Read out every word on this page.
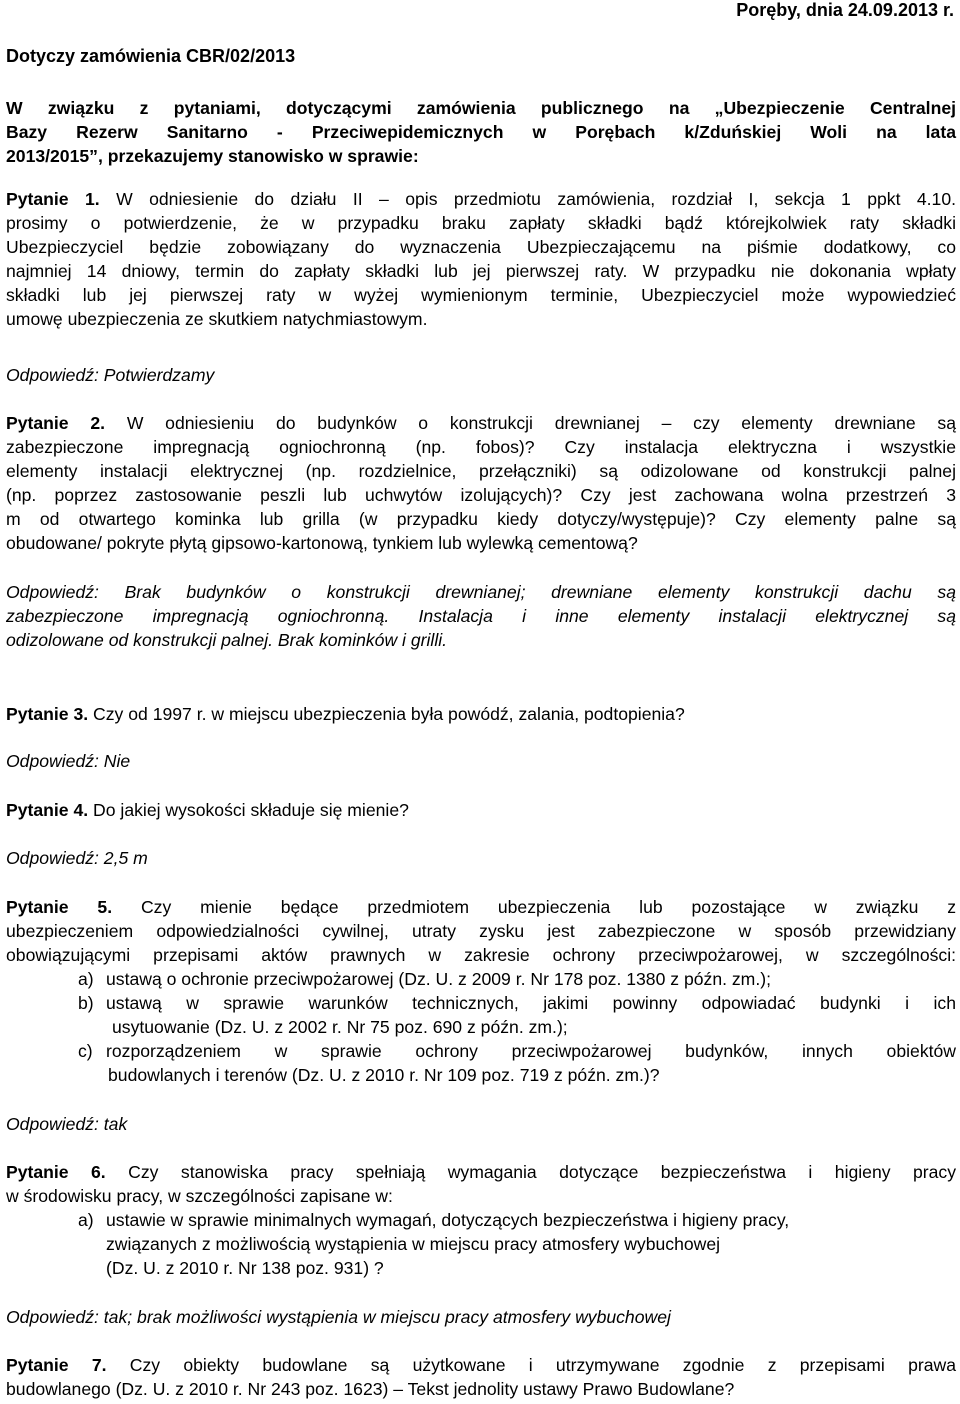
Poręby, dnia 24.09.2013 r.
Dotyczy zamówienia CBR/02/2013
W związku z pytaniami, dotyczącymi zamówienia publicznego na „Ubezpieczenie Centralnej
Bazy Rezerw Sanitarno - Przeciwepidemicznych w Porębach k/Zduńskiej Woli na lata
2013/2015”, przekazujemy stanowisko w sprawie:
Pytanie 1. W odniesienie do działu II – opis przedmiotu zamówienia, rozdział I, sekcja 1 ppkt 4.10.
prosimy o potwierdzenie, że w przypadku braku zapłaty składki bądź którejkolwiek raty składki
Ubezpieczyciel będzie zobowiązany do wyznaczenia Ubezpieczającemu na piśmie dodatkowy, co
najmniej 14 dniowy, termin do zapłaty składki lub jej pierwszej raty. W przypadku nie dokonania wpłaty
składki lub jej pierwszej raty w wyżej wymienionym terminie, Ubezpieczyciel może wypowiedzieć
umowę ubezpieczenia ze skutkiem natychmiastowym.
Odpowiedź: Potwierdzamy
Pytanie 2. W odniesieniu do budynków o konstrukcji drewnianej – czy elementy drewniane są
zabezpieczone impregnacją ogniochronną (np. fobos)? Czy instalacja elektryczna i wszystkie
elementy instalacji elektrycznej (np. rozdzielnice, przełączniki) są odizolowane od konstrukcji palnej
(np. poprzez zastosowanie peszli lub uchwytów izolujących)? Czy jest zachowana wolna przestrzeń 3
m od otwartego kominka lub grilla (w przypadku kiedy dotyczy/występuje)? Czy elementy palne są
obudowane/ pokryte płytą gipsowo-kartonową, tynkiem lub wylewką cementową?
Odpowiedź: Brak budynków o konstrukcji drewnianej; drewniane elementy konstrukcji dachu są
zabezpieczone impregnacją ogniochronną. Instalacja i inne elementy instalacji elektrycznej są
odizolowane od konstrukcji palnej. Brak kominków i grilli.
Pytanie 3. Czy od 1997 r. w miejscu ubezpieczenia była powódź, zalania, podtopienia?
Odpowiedź: Nie
Pytanie 4. Do jakiej wysokości składuje się mienie?
Odpowiedź: 2,5 m
Pytanie 5. Czy mienie będące przedmiotem ubezpieczenia lub pozostające w związku z
ubezpieczeniem odpowiedzialności cywilnej, utraty zysku jest zabezpieczone w sposób przewidziany
obowiązującymi przepisami aktów prawnych w zakresie ochrony przeciwpożarowej, w szczególności:
a) ustawą o ochronie przeciwpożarowej (Dz. U. z 2009 r. Nr 178 poz. 1380 z późn. zm.);
b) ustawą w sprawie warunków technicznych, jakimi powinny odpowiadać budynki i ich
usytuowanie (Dz. U. z 2002 r. Nr 75 poz. 690 z późn. zm.);
c) rozporządzeniem w sprawie ochrony przeciwpożarowej budynków, innych obiektów
budowlanych i terenów (Dz. U. z 2010 r. Nr 109 poz. 719 z późn. zm.)?
Odpowiedź: tak
Pytanie 6. Czy stanowiska pracy spełniają wymagania dotyczące bezpieczeństwa i higieny pracy
w środowisku pracy, w szczególności zapisane w:
a) ustawie w sprawie minimalnych wymagań, dotyczących bezpieczeństwa i higieny pracy,
związanych z możliwością wystąpienia w miejscu pracy atmosfery wybuchowej
(Dz. U. z 2010 r. Nr 138 poz. 931) ?
Odpowiedź: tak; brak możliwości wystąpienia w miejscu pracy atmosfery wybuchowej
Pytanie 7. Czy obiekty budowlane są użytkowane i utrzymywane zgodnie z przepisami prawa
budowlanego (Dz. U. z 2010 r. Nr 243 poz. 1623) – Tekst jednolity ustawy Prawo Budowlane?
